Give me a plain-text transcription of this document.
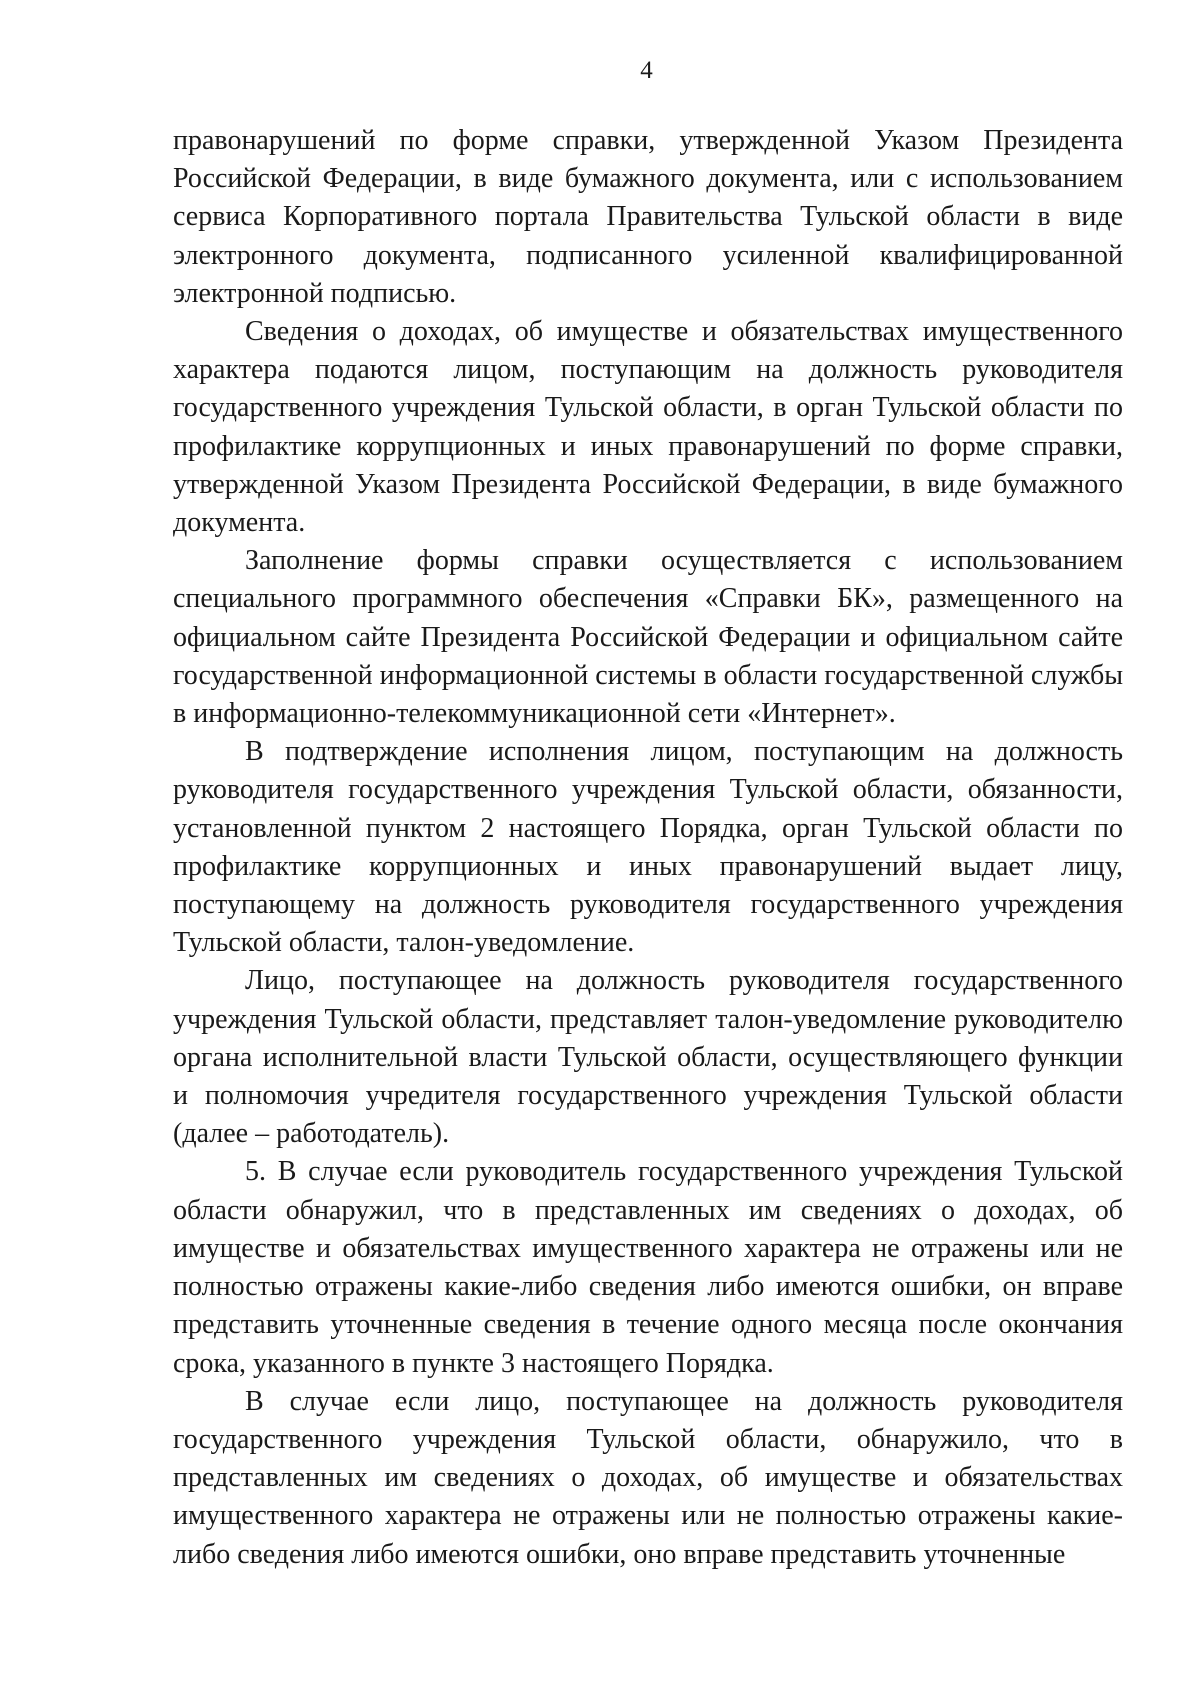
4

правонарушений по форме справки, утвержденной Указом Президента Российской Федерации, в виде бумажного документа, или с использованием сервиса Корпоративного портала Правительства Тульской области в виде электронного документа, подписанного усиленной квалифицированной электронной подписью.

Сведения о доходах, об имуществе и обязательствах имущественного характера подаются лицом, поступающим на должность руководителя государственного учреждения Тульской области, в орган Тульской области по профилактике коррупционных и иных правонарушений по форме справки, утвержденной Указом Президента Российской Федерации, в виде бумажного документа.

Заполнение формы справки осуществляется с использованием специального программного обеспечения «Справки БК», размещенного на официальном сайте Президента Российской Федерации и официальном сайте государственной информационной системы в области государственной службы в информационно-телекоммуникационной сети «Интернет».

В подтверждение исполнения лицом, поступающим на должность руководителя государственного учреждения Тульской области, обязанности, установленной пунктом 2 настоящего Порядка, орган Тульской области по профилактике коррупционных и иных правонарушений выдает лицу, поступающему на должность руководителя государственного учреждения Тульской области, талон-уведомление.

Лицо, поступающее на должность руководителя государственного учреждения Тульской области, представляет талон-уведомление руководителю органа исполнительной власти Тульской области, осуществляющего функции и полномочия учредителя государственного учреждения Тульской области (далее – работодатель).

5. В случае если руководитель государственного учреждения Тульской области обнаружил, что в представленных им сведениях о доходах, об имуществе и обязательствах имущественного характера не отражены или не полностью отражены какие-либо сведения либо имеются ошибки, он вправе представить уточненные сведения в течение одного месяца после окончания срока, указанного в пункте 3 настоящего Порядка.

В случае если лицо, поступающее на должность руководителя государственного учреждения Тульской области, обнаружило, что в представленных им сведениях о доходах, об имуществе и обязательствах имущественного характера не отражены или не полностью отражены какие-либо сведения либо имеются ошибки, оно вправе представить уточненные
